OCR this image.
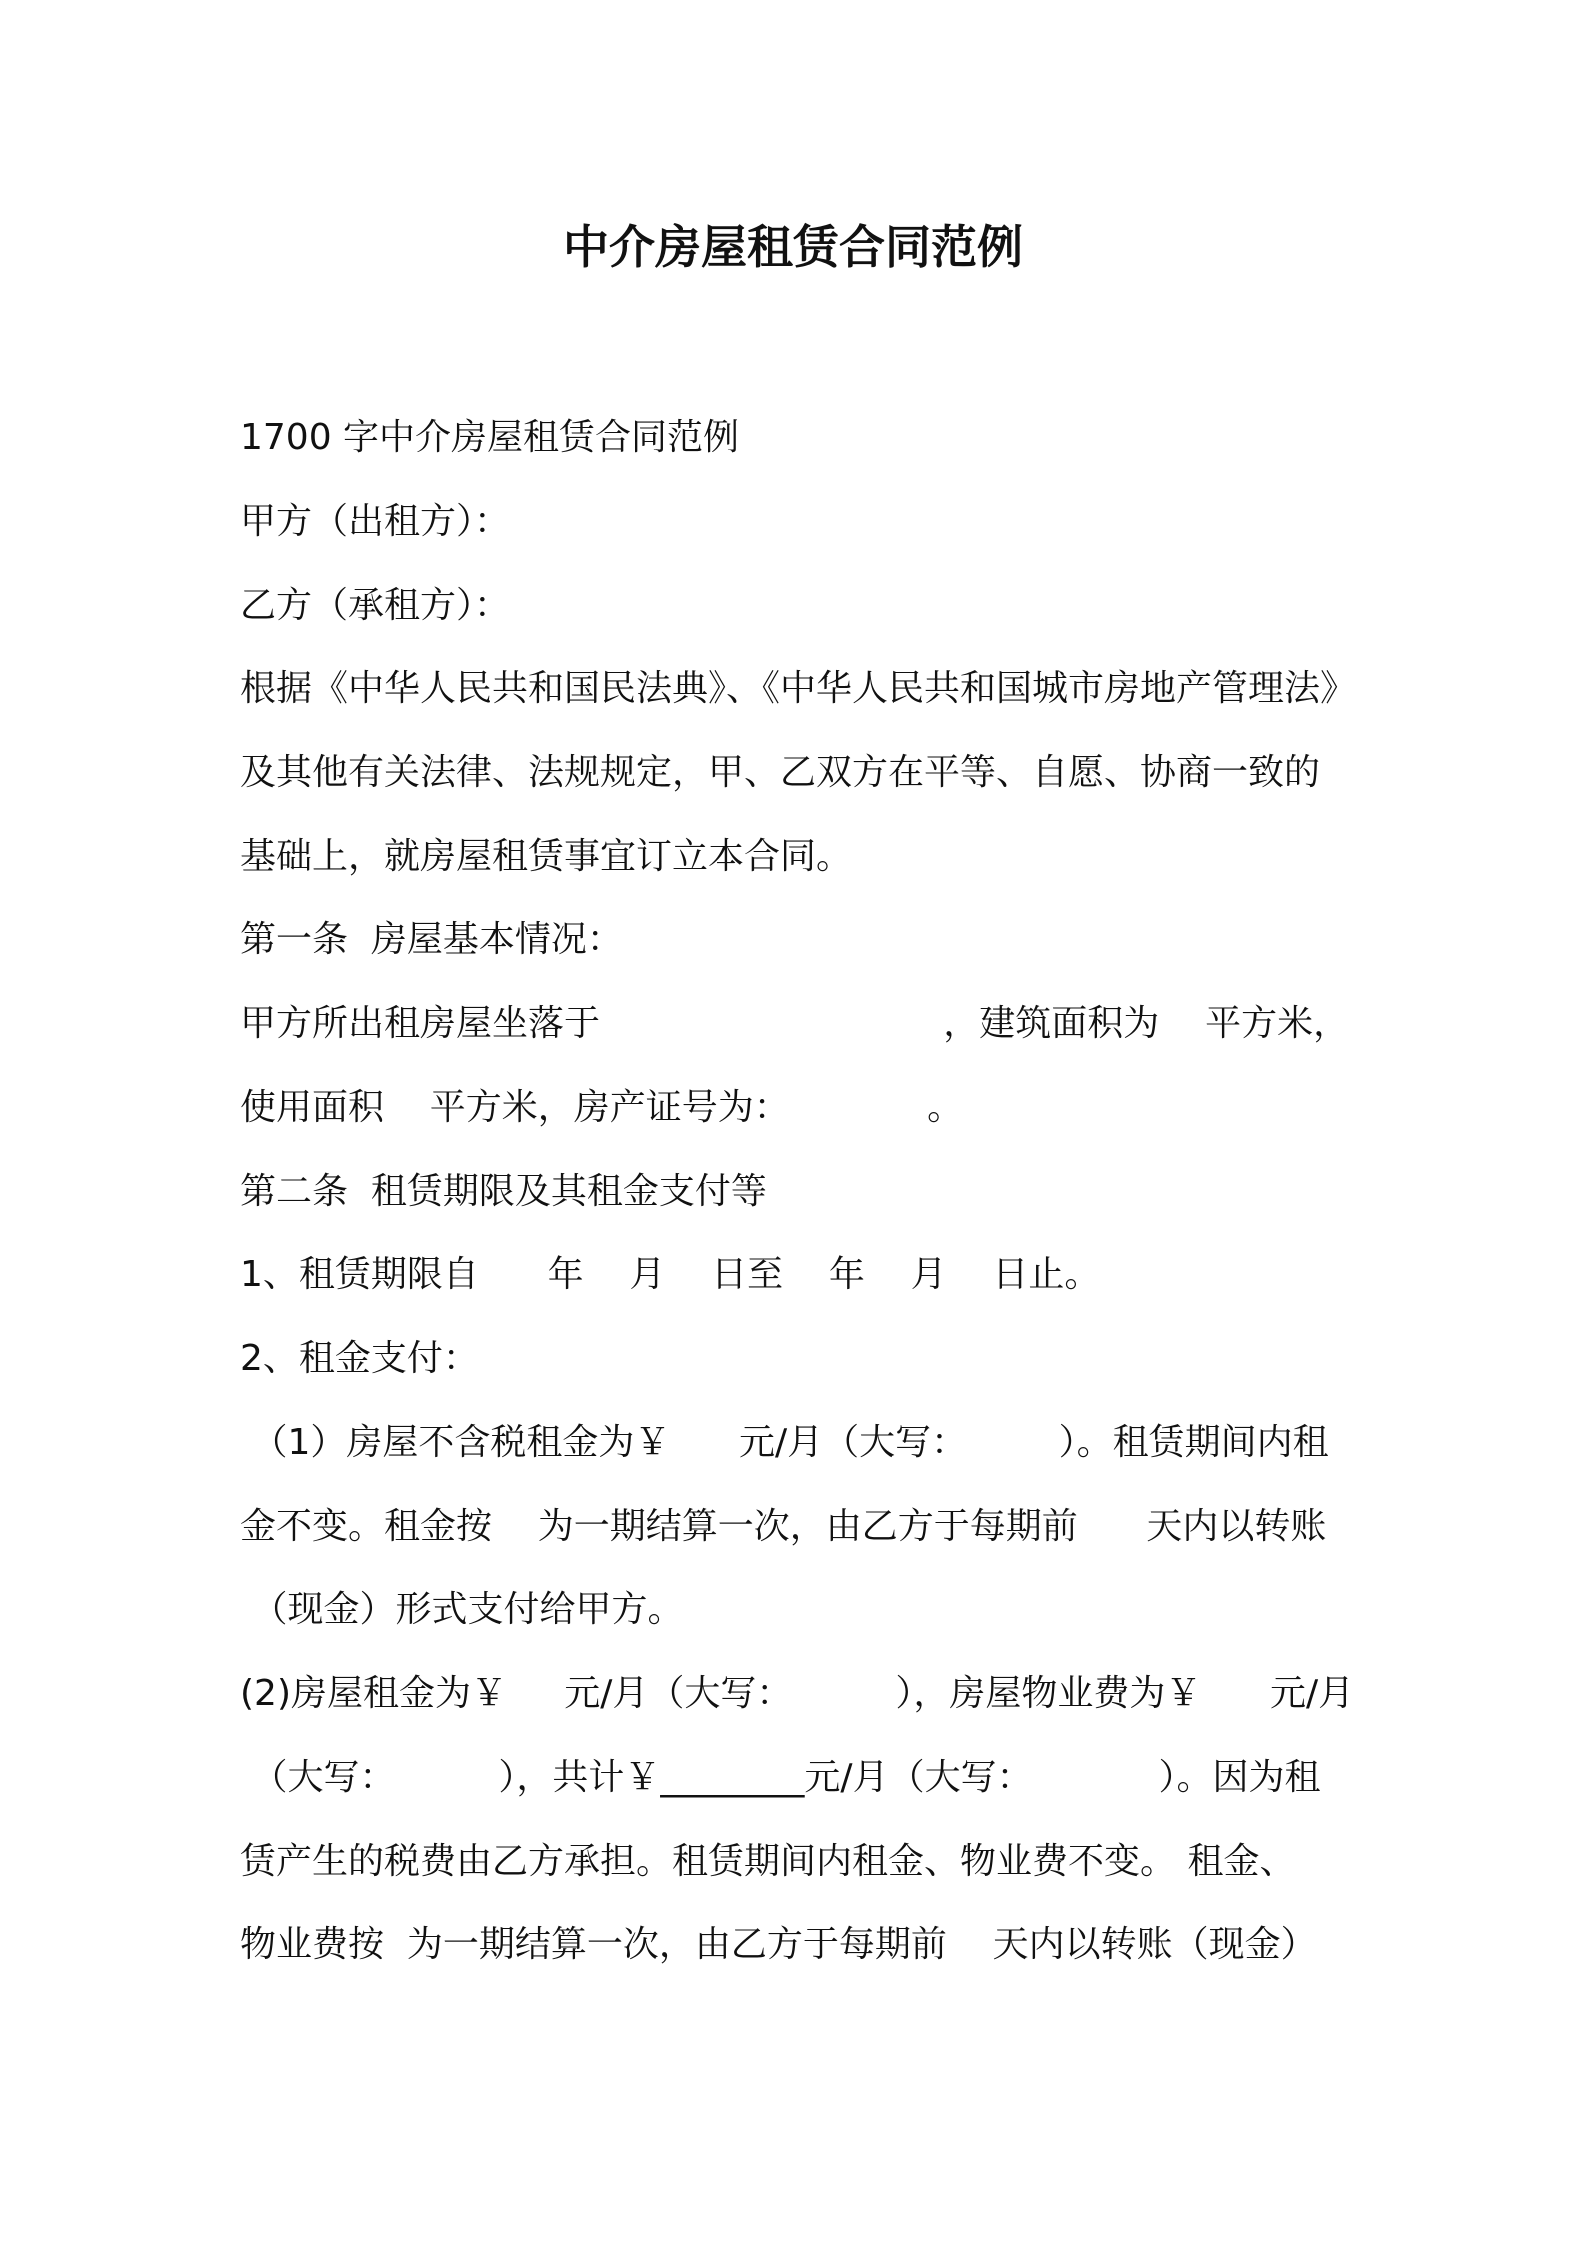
中介房屋租赁合同范例

1700 字中介房屋租赁合同范例

甲方（出租方）：

乙方（承租方）：

根据《中华人民共和国民法典》、《中华人民共和国城市房地产管理法》

及其他有关法律、法规规定，甲、乙双方在平等、自愿、协商一致的

基础上，就房屋租赁事宜订立本合同。

第一条  房屋基本情况：

甲方所出租房屋坐落于                              ，建筑面积为    平方米，

使用面积    平方米，房产证号为：            。

第二条  租赁期限及其租金支付等

1、租赁期限自      年    月    日至    年    月    日止。

2、租金支付：

（1）房屋不含税租金为￥      元/月（大写：        ）。租赁期间内租

金不变。租金按    为一期结算一次，由乙方于每期前      天内以转账

（现金）形式支付给甲方。

(2)房屋租金为￥     元/月（大写：         ），房屋物业费为￥      元/月

（大写：         ），共计￥________元/月（大写：           ）。因为租

赁产生的税费由乙方承担。租赁期间内租金、物业费不变。 租金、

物业费按  为一期结算一次，由乙方于每期前    天内以转账（现金）
